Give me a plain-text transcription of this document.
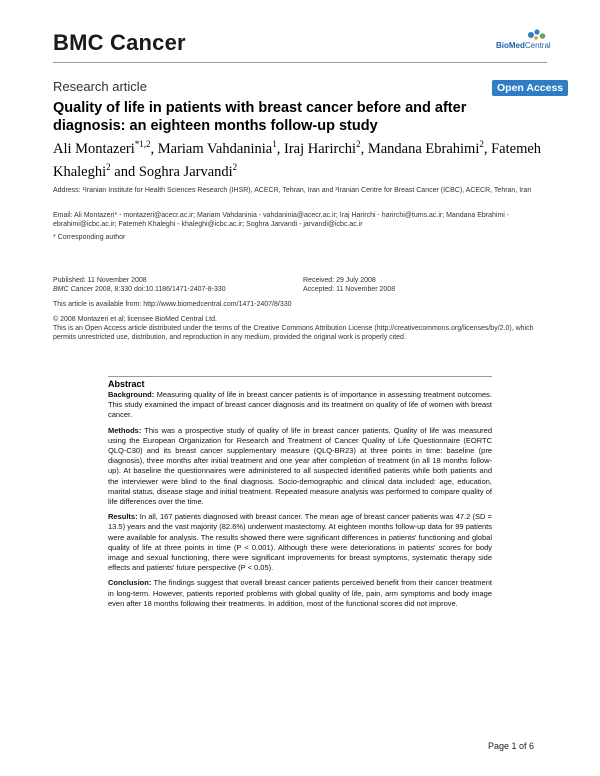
BMC Cancer	BioMedCentral
Research article	Open Access
Quality of life in patients with breast cancer before and after
diagnosis: an eighteen months follow-up study
Ali Montazeri$^{*1,2}$, Mariam Vahdaninia$^1$, Iraj Harirchi$^2$, Mandana Ebrahimi$^2$, Fatemeh Khaleghi$^2$ and Soghra Jarvandi$^2$
Address: ¹Iranian Institute for Health Sciences Research (IHSR), ACECR, Tehran, Iran and ²Iranian Centre for Breast Cancer (ICBC), ACECR, Tehran, Iran
Email: Ali Montazeri* - montazeri@acecr.ac.ir; Mariam Vahdaninia - vahdaninia@acecr.ac.ir; Iraj Harirchi - harirchi@tums.ac.ir; Mandana Ebrahimi - ebrahimi@icbc.ac.ir; Fatemeh Khaleghi - khaleghi@icbc.ac.ir; Soghra Jarvandi - jarvandi@icbc.ac.ir
* Corresponding author
Published: 11 November 2008
BMC Cancer 2008, 8:330 doi:10.1186/1471-2407-8-330
Received: 29 July 2008
Accepted: 11 November 2008
This article is available from: http://www.biomedcentral.com/1471-2407/8/330
© 2008 Montazeri et al; licensee BioMed Central Ltd.
This is an Open Access article distributed under the terms of the Creative Commons Attribution License (http://creativecommons.org/licenses/by/2.0), which permits unrestricted use, distribution, and reproduction in any medium, provided the original work is properly cited.
Abstract
Background: Measuring quality of life in breast cancer patients is of importance in assessing treatment outcomes. This study examined the impact of breast cancer diagnosis and its treatment on quality of life of women with breast cancer.
Methods: This was a prospective study of quality of life in breast cancer patients. Quality of life was measured using the European Organization for Research and Treatment of Cancer Quality of Life Questionnaire (EORTC QLQ-C30) and its breast cancer supplementary measure (QLQ-BR23) at three points in time: baseline (pre diagnosis), three months after initial treatment and one year after completion of treatment (in all 18 months follow-up). At baseline the questionnaires were administered to all suspected identified patients while both patients and the interviewer were blind to the final diagnosis. Socio-demographic and clinical data included: age, education, marital status, disease stage and initial treatment. Repeated measure analysis was performed to compare quality of life differences over the time.
Results: In all, 167 patients diagnosed with breast cancer. The mean age of breast cancer patients was 47.2 (SD = 13.5) years and the vast majority (82.6%) underwent mastectomy. At eighteen months follow-up data for 99 patients were available for analysis. The results showed there were significant differences in patients' functioning and global quality of life at three points in time (P < 0.001). Although there were deteriorations in patients' scores for body image and sexual functioning, there were significant improvements for breast symptoms, systematic therapy side effects and patients' future perspective (P < 0.05).
Conclusion: The findings suggest that overall breast cancer patients perceived benefit from their cancer treatment in long-term. However, patients reported problems with global quality of life, pain, arm symptoms and body image even after 18 months following their treatments. In addition, most of the functional scores did not improve.
Page 1 of 6
